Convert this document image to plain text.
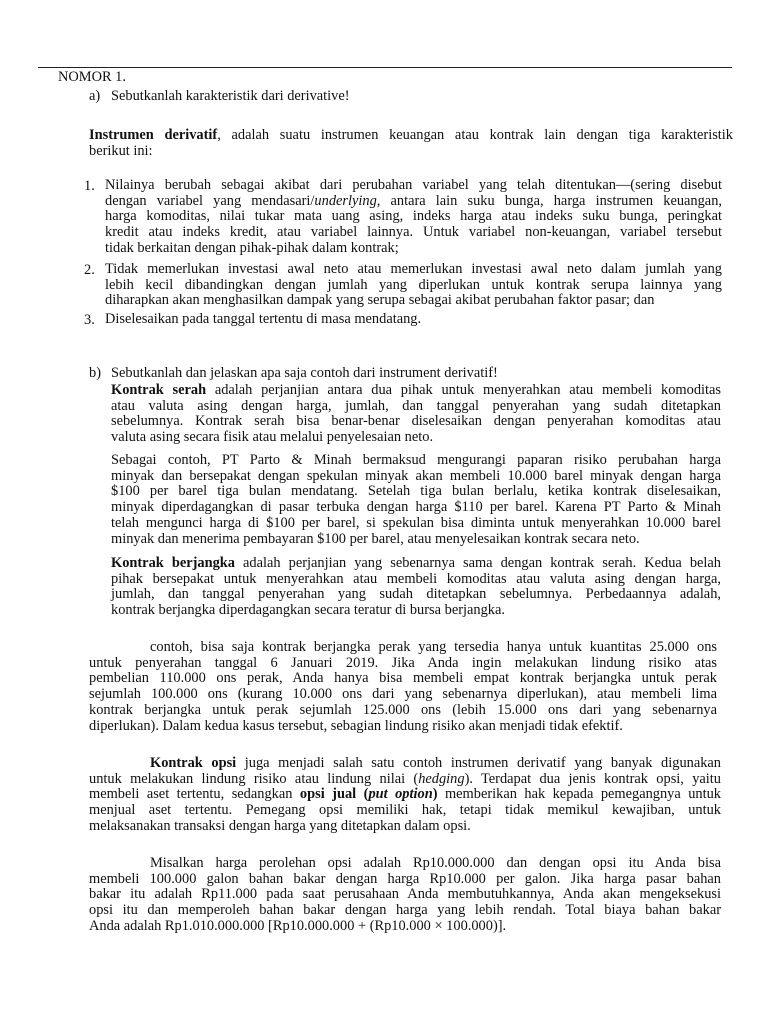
NOMOR 1.
a) Sebutkanlah karakteristik dari derivative!
Instrumen derivatif, adalah suatu instrumen keuangan atau kontrak lain dengan tiga karakteristik
berikut ini:
1. Nilainya berubah sebagai akibat dari perubahan variabel yang telah ditentukan—(sering disebut
dengan variabel yang mendasari/underlying, antara lain suku bunga, harga instrumen keuangan,
harga komoditas, nilai tukar mata uang asing, indeks harga atau indeks suku bunga, peringkat
kredit atau indeks kredit, atau variabel lainnya. Untuk variabel non-keuangan, variabel tersebut
tidak berkaitan dengan pihak-pihak dalam kontrak;
2. Tidak memerlukan investasi awal neto atau memerlukan investasi awal neto dalam jumlah yang
lebih kecil dibandingkan dengan jumlah yang diperlukan untuk kontrak serupa lainnya yang
diharapkan akan menghasilkan dampak yang serupa sebagai akibat perubahan faktor pasar; dan
3. Diselesaikan pada tanggal tertentu di masa mendatang.
b) Sebutkanlah dan jelaskan apa saja contoh dari instrument derivatif!
Kontrak serah adalah perjanjian antara dua pihak untuk menyerahkan atau membeli komoditas
atau valuta asing dengan harga, jumlah, dan tanggal penyerahan yang sudah ditetapkan
sebelumnya. Kontrak serah bisa benar-benar diselesaikan dengan penyerahan komoditas atau
valuta asing secara fisik atau melalui penyelesaian neto.
Sebagai contoh, PT Parto & Minah bermaksud mengurangi paparan risiko perubahan harga
minyak dan bersepakat dengan spekulan minyak akan membeli 10.000 barel minyak dengan harga
$100 per barel tiga bulan mendatang. Setelah tiga bulan berlalu, ketika kontrak diselesaikan,
minyak diperdagangkan di pasar terbuka dengan harga $110 per barel. Karena PT Parto & Minah
telah mengunci harga di $100 per barel, si spekulan bisa diminta untuk menyerahkan 10.000 barel
minyak dan menerima pembayaran $100 per barel, atau menyelesaikan kontrak secara neto.
Kontrak berjangka adalah perjanjian yang sebenarnya sama dengan kontrak serah. Kedua belah
pihak bersepakat untuk menyerahkan atau membeli komoditas atau valuta asing dengan harga,
jumlah, dan tanggal penyerahan yang sudah ditetapkan sebelumnya. Perbedaannya adalah,
kontrak berjangka diperdagangkan secara teratur di bursa berjangka.
contoh, bisa saja kontrak berjangka perak yang tersedia hanya untuk kuantitas 25.000 ons
untuk penyerahan tanggal 6 Januari 2019. Jika Anda ingin melakukan lindung risiko atas
pembelian 110.000 ons perak, Anda hanya bisa membeli empat kontrak berjangka untuk perak
sejumlah 100.000 ons (kurang 10.000 ons dari yang sebenarnya diperlukan), atau membeli lima
kontrak berjangka untuk perak sejumlah 125.000 ons (lebih 15.000 ons dari yang sebenarnya
diperlukan). Dalam kedua kasus tersebut, sebagian lindung risiko akan menjadi tidak efektif.
Kontrak opsi juga menjadi salah satu contoh instrumen derivatif yang banyak digunakan
untuk melakukan lindung risiko atau lindung nilai (hedging). Terdapat dua jenis kontrak opsi, yaitu
membeli aset tertentu, sedangkan opsi jual (put option) memberikan hak kepada pemegangnya untuk
menjual aset tertentu. Pemegang opsi memiliki hak, tetapi tidak memikul kewajiban, untuk
melaksanakan transaksi dengan harga yang ditetapkan dalam opsi.
Misalkan harga perolehan opsi adalah Rp10.000.000 dan dengan opsi itu Anda bisa
membeli 100.000 galon bahan bakar dengan harga Rp10.000 per galon. Jika harga pasar bahan
bakar itu adalah Rp11.000 pada saat perusahaan Anda membutuhkannya, Anda akan mengeksekusi
opsi itu dan memperoleh bahan bakar dengan harga yang lebih rendah. Total biaya bahan bakar
Anda adalah Rp1.010.000.000 [Rp10.000.000 + (Rp10.000 × 100.000)].
